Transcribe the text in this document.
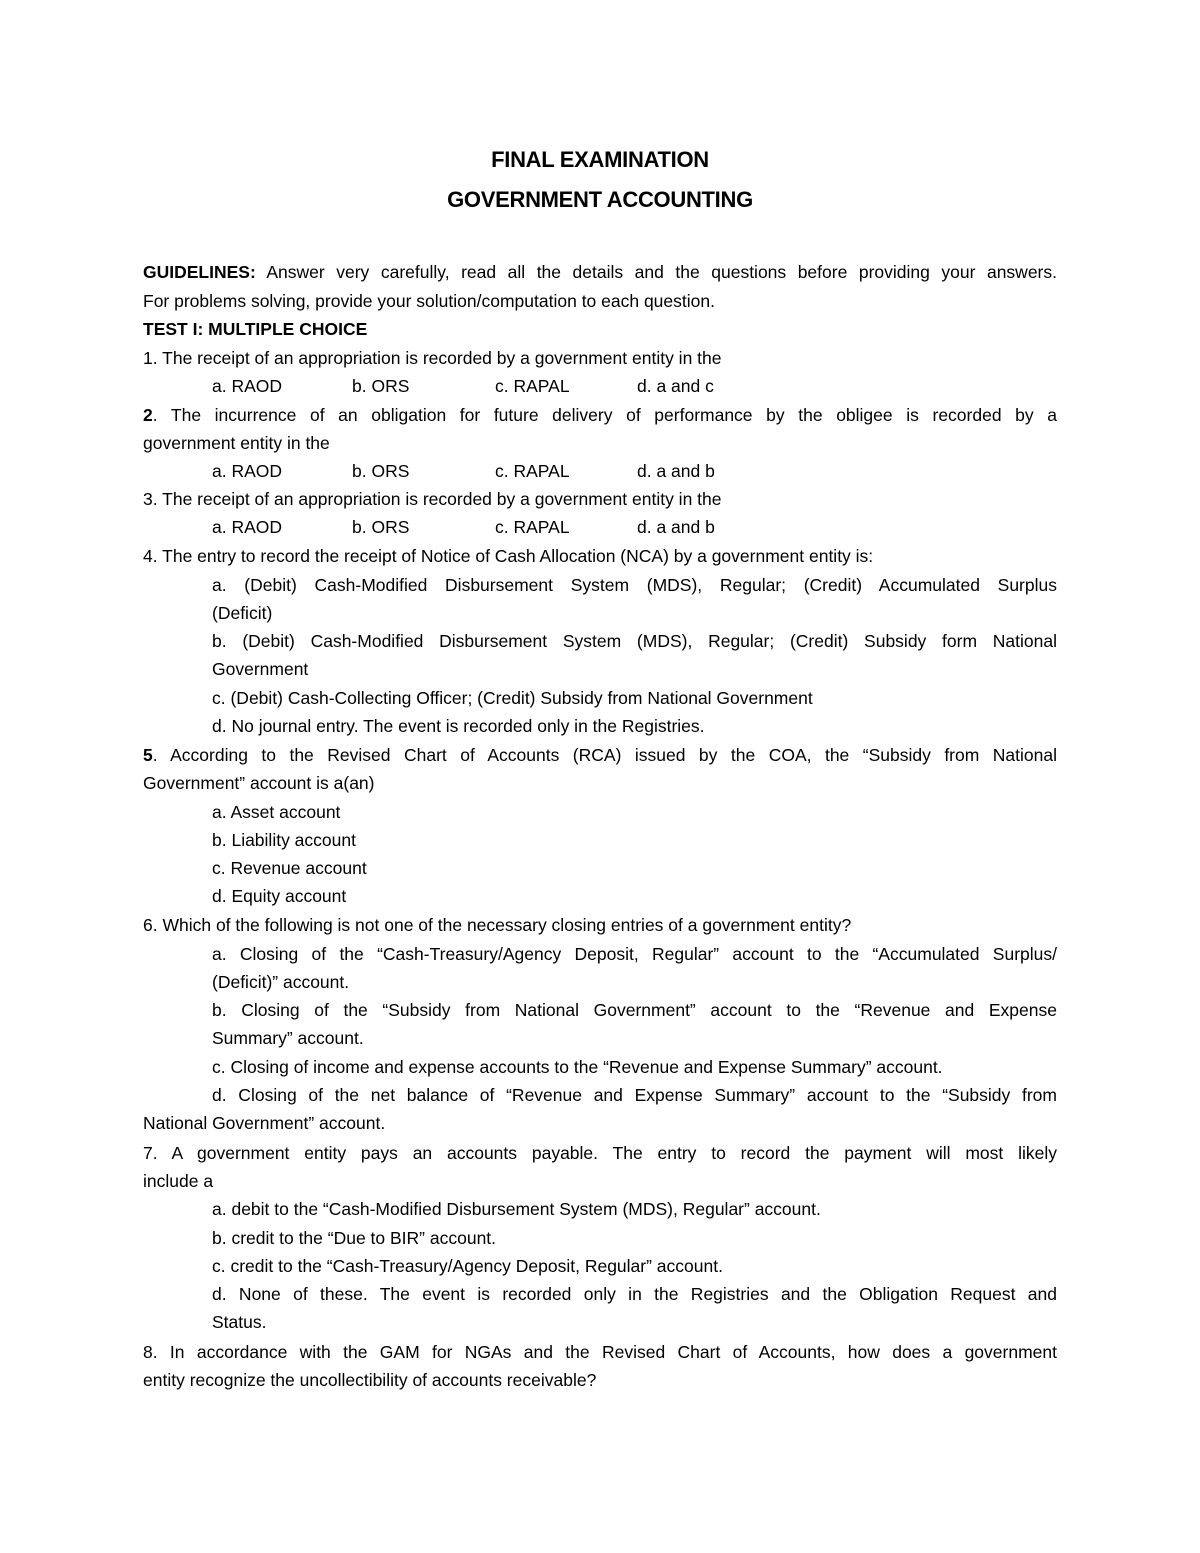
FINAL EXAMINATION
GOVERNMENT ACCOUNTING
GUIDELINES: Answer very carefully, read all the details and the questions before providing your answers.
For problems solving, provide your solution/computation to each question.
TEST I: MULTIPLE CHOICE
1. The receipt of an appropriation is recorded by a government entity in the
a. RAOD	b. ORS	c. RAPAL	d. a and c
2. The incurrence of an obligation for future delivery of performance by the obligee is recorded by a
government entity in the
a. RAOD	b. ORS	c. RAPAL	d. a and b
3. The receipt of an appropriation is recorded by a government entity in the
a. RAOD	b. ORS	c. RAPAL	d. a and b
4. The entry to record the receipt of Notice of Cash Allocation (NCA) by a government entity is:
a. (Debit) Cash-Modified Disbursement System (MDS), Regular; (Credit) Accumulated Surplus
(Deficit)
b. (Debit) Cash-Modified Disbursement System (MDS), Regular; (Credit) Subsidy form National
Government
c. (Debit) Cash-Collecting Officer; (Credit) Subsidy from National Government
d. No journal entry. The event is recorded only in the Registries.
5. According to the Revised Chart of Accounts (RCA) issued by the COA, the “Subsidy from National
Government” account is a(an)
a. Asset account
b. Liability account
c. Revenue account
d. Equity account
6. Which of the following is not one of the necessary closing entries of a government entity?
a. Closing of the “Cash-Treasury/Agency Deposit, Regular” account to the “Accumulated Surplus/
(Deficit)” account.
b. Closing of the “Subsidy from National Government” account to the “Revenue and Expense
Summary” account.
c. Closing of income and expense accounts to the “Revenue and Expense Summary” account.
d. Closing of the net balance of “Revenue and Expense Summary” account to the “Subsidy from
National Government” account.
7. A government entity pays an accounts payable. The entry to record the payment will most likely
include a
a. debit to the “Cash-Modified Disbursement System (MDS), Regular” account.
b. credit to the “Due to BIR” account.
c. credit to the “Cash-Treasury/Agency Deposit, Regular” account.
d. None of these. The event is recorded only in the Registries and the Obligation Request and
Status.
8. In accordance with the GAM for NGAs and the Revised Chart of Accounts, how does a government
entity recognize the uncollectibility of accounts receivable?
